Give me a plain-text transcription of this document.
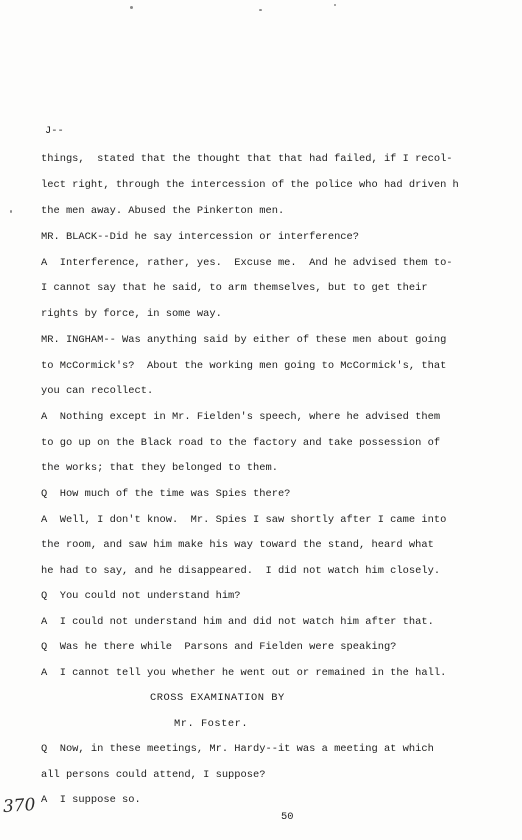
J--
things,  stated that the thought that that had failed, if I recol-
lect right, through the intercession of the police who had driven h
the men away. Abused the Pinkerton men.
MR. BLACK--Did he say intercession or interference?
A  Interference, rather, yes.  Excuse me.  And he advised them to-
I cannot say that he said, to arm themselves, but to get their
rights by force, in some way.
MR. INGHAM-- Was anything said by either of these men about going
to McCormick's?  About the working men going to McCormick's, that
you can recollect.
A  Nothing except in Mr. Fielden's speech, where he advised them
to go up on the Black road to the factory and take possession of
the works; that they belonged to them.
Q  How much of the time was Spies there?
A  Well, I don't know.  Mr. Spies I saw shortly after I came into
the room, and saw him make his way toward the stand, heard what
he had to say, and he disappeared.  I did not watch him closely.
Q  You could not understand him?
A  I could not understand him and did not watch him after that.
Q  Was he there while  Parsons and Fielden were speaking?
A  I cannot tell you whether he went out or remained in the hall.
CROSS EXAMINATION BY
Mr. Foster.
Q  Now, in these meetings, Mr. Hardy--it was a meeting at which
all persons could attend, I suppose?
A  I suppose so.
370	50
